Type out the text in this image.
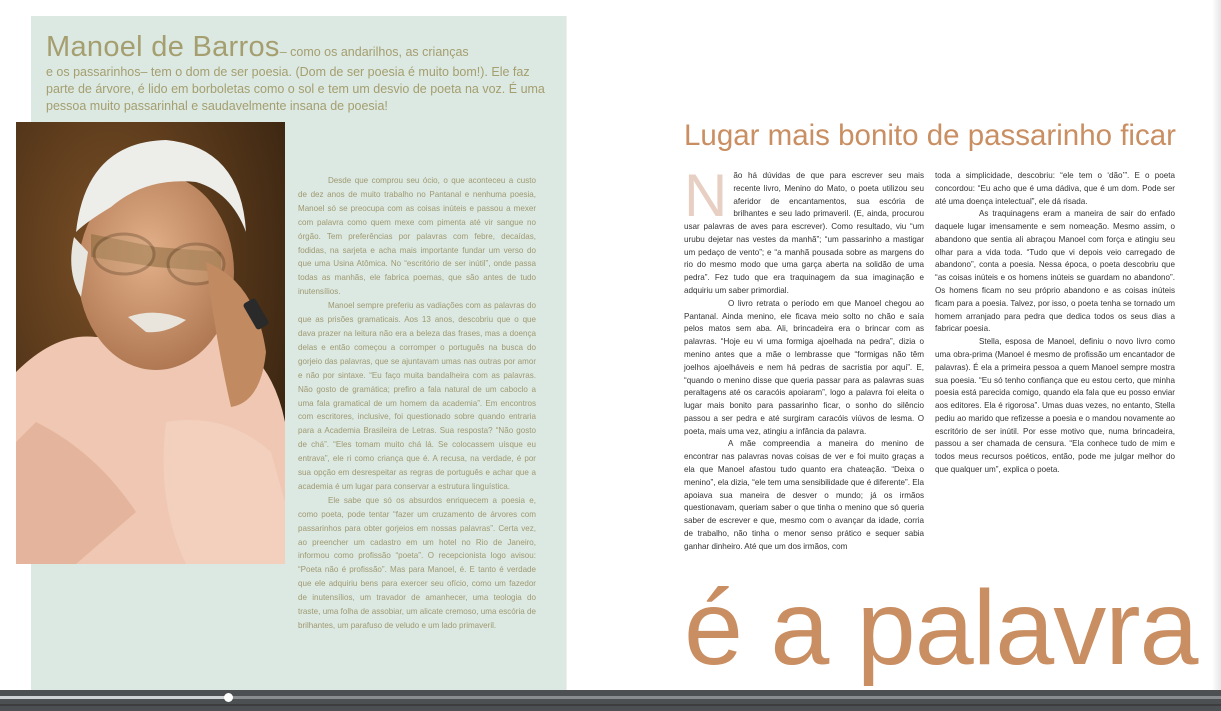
Manoel de Barros– como os andarilhos, as crianças
e os passarinhos– tem o dom de ser poesia. (Dom de ser poesia é muito bom!). Ele faz parte de árvore, é lido em borboletas como o sol e tem um desvio de poeta na voz. É uma pessoa muito passarinhal e saudavelmente insana de poesia!

Desde que comprou seu ócio, o que aconteceu a custo de dez anos de muito trabalho no Pantanal e nenhuma poesia, Manoel só se preocupa com as coisas inúteis e passou a mexer com palavra como quem mexe com pimenta até vir sangue no órgão. Tem preferências por palavras com febre, decaídas, fodidas, na sarjeta e acha mais importante fundar um verso do que uma Usina Atômica. No “escritório de ser inútil”, onde passa todas as manhãs, ele fabrica poemas, que são antes de tudo inutensílios.

Manoel sempre preferiu as vadiações com as palavras do que as prisões gramaticais. Aos 13 anos, descobriu que o que dava prazer na leitura não era a beleza das frases, mas a doença delas e então começou a corromper o português na busca do gorjeio das palavras, que se ajuntavam umas nas outras por amor e não por sintaxe. “Eu faço muita bandalheira com as palavras. Não gosto de gramática; prefiro a fala natural de um caboclo a uma fala gramatical de um homem da academia”. Em encontros com escritores, inclusive, foi questionado sobre quando entraria para a Academia Brasileira de Letras. Sua resposta? “Não gosto de chá”. “Eles tomam muito chá lá. Se colocassem uísque eu entrava”, ele ri como criança que é. A recusa, na verdade, é por sua opção em desrespeitar as regras de português e achar que a academia é um lugar para conservar a estrutura linguística.

Ele sabe que só os absurdos enriquecem a poesia e, como poeta, pode tentar “fazer um cruzamento de árvores com passarinhos para obter gorjeios em nossas palavras”. Certa vez, ao preencher um cadastro em um hotel no Rio de Janeiro, informou como profissão “poeta”. O recepcionista logo avisou: “Poeta não é profissão”. Mas para Manoel, é. E tanto é verdade que ele adquiriu bens para exercer seu ofício, como um fazedor de inutensílios, um travador de amanhecer, uma teologia do traste, uma folha de assobiar, um alicate cremoso, uma escória de brilhantes, um parafuso de veludo e um lado primaveril.

Lugar mais bonito de passarinho ficar

Não há dúvidas de que para escrever seu mais recente livro, Menino do Mato, o poeta utilizou seu aferidor de encantamentos, sua escória de brilhantes e seu lado primaveril. (E, ainda, procurou usar palavras de aves para escrever). Como resultado, viu “um urubu dejetar nas vestes da manhã”; “um passarinho a mastigar um pedaço de vento”; e “a manhã pousada sobre as margens do rio do mesmo modo que uma garça aberta na solidão de uma pedra”. Fez tudo que era traquinagem da sua imaginação e adquiriu um saber primordial.

O livro retrata o período em que Manoel chegou ao Pantanal. Ainda menino, ele ficava meio solto no chão e saía pelos matos sem aba. Ali, brincadeira era o brincar com as palavras. “Hoje eu vi uma formiga ajoelhada na pedra”, dizia o menino antes que a mãe o lembrasse que “formigas não têm joelhos ajoelháveis e nem há pedras de sacristia por aqui”. E, “quando o menino disse que queria passar para as palavras suas peraltagens até os caracóis apoiaram”, logo a palavra foi eleita o lugar mais bonito para passarinho ficar, o sonho do silêncio passou a ser pedra e até surgiram caracóis viúvos de lesma. O poeta, mais uma vez, atingiu a infância da palavra.

A mãe compreendia a maneira do menino de encontrar nas palavras novas coisas de ver e foi muito graças a ela que Manoel afastou tudo quanto era chateação. “Deixa o menino”, ela dizia, “ele tem uma sensibilidade que é diferente”. Ela apoiava sua maneira de desver o mundo; já os irmãos questionavam, queriam saber o que tinha o menino que só queria saber de escrever e que, mesmo com o avançar da idade, corria de trabalho, não tinha o menor senso prático e sequer sabia ganhar dinheiro. Até que um dos irmãos, com

toda a simplicidade, descobriu: “ele tem o ‘dão’”. E o poeta concordou: “Eu acho que é uma dádiva, que é um dom. Pode ser até uma doença intelectual”, ele dá risada.

As traquinagens eram a maneira de sair do enfado daquele lugar imensamente e sem nomeação. Mesmo assim, o abandono que sentia ali abraçou Manoel com força e atingiu seu olhar para a vida toda. “Tudo que vi depois veio carregado de abandono”, conta a poesia. Nessa época, o poeta descobriu que “as coisas inúteis e os homens inúteis se guardam no abandono”. Os homens ficam no seu próprio abandono e as coisas inúteis ficam para a poesia. Talvez, por isso, o poeta tenha se tornado um homem arranjado para pedra que dedica todos os seus dias a fabricar poesia.

Stella, esposa de Manoel, definiu o novo livro como uma obra-prima (Manoel é mesmo de profissão um encantador de palavras). É ela a primeira pessoa a quem Manoel sempre mostra sua poesia. “Eu só tenho confiança que eu estou certo, que minha poesia está parecida comigo, quando ela fala que eu posso enviar aos editores. Ela é rigorosa”. Umas duas vezes, no entanto, Stella pediu ao marido que refizesse a poesia e o mandou novamente ao escritório de ser inútil. Por esse motivo que, numa brincadeira, passou a ser chamada de censura. “Ela conhece tudo de mim e todos meus recursos poéticos, então, pode me julgar melhor do que qualquer um”, explica o poeta.

é a palavra
